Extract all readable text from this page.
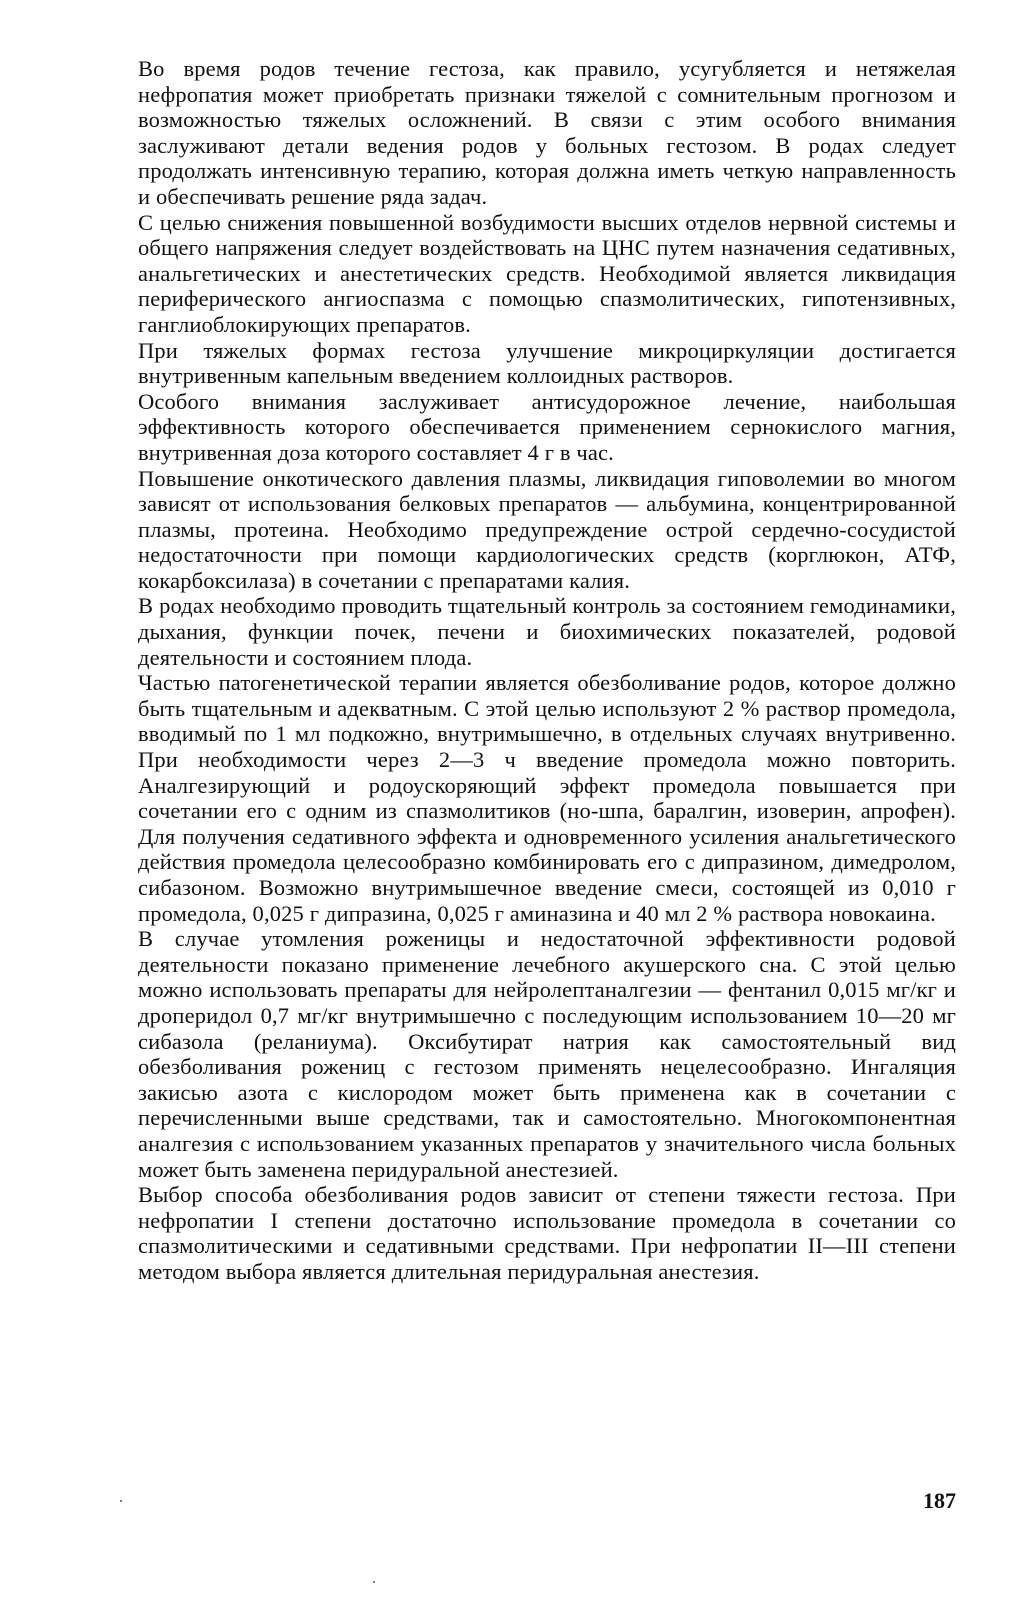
Во время родов течение гестоза, как правило, усугубляется и нетяжелая нефропатия может приобретать признаки тяжелой с сомнительным прогнозом и возможностью тяжелых осложнений. В связи с этим особого внимания заслуживают детали ведения родов у больных гестозом. В родах следует продолжать интенсивную терапию, которая должна иметь четкую направленность и обеспечивать решение ряда задач.

С целью снижения повышенной возбудимости высших отделов нервной системы и общего напряжения следует воздействовать на ЦНС путем назначения седативных, анальгетических и анестетических средств. Необходимой является ликвидация периферического ангиоспазма с помощью спазмолитических, гипотензивных, ганглиоблокирующих препаратов.

При тяжелых формах гестоза улучшение микроциркуляции достигается внутривенным капельным введением коллоидных растворов.

Особого внимания заслуживает антисудорожное лечение, наибольшая эффективность которого обеспечивается применением сернокислого магния, внутривенная доза которого составляет 4 г в час.

Повышение онкотического давления плазмы, ликвидация гиповолемии во многом зависят от использования белковых препаратов — альбумина, концентрированной плазмы, протеина. Необходимо предупреждение острой сердечно-сосудистой недостаточности при помощи кардиологических средств (корглюкон, АТФ, кокарбоксилаза) в сочетании с препаратами калия.

В родах необходимо проводить тщательный контроль за состоянием гемодинамики, дыхания, функции почек, печени и биохимических показателей, родовой деятельности и состоянием плода.

Частью патогенетической терапии является обезболивание родов, которое должно быть тщательным и адекватным. С этой целью используют 2 % раствор промедола, вводимый по 1 мл подкожно, внутримышечно, в отдельных случаях внутривенно. При необходимости через 2—3 ч введение промедола можно повторить. Аналгезирующий и родоускоряющий эффект промедола повышается при сочетании его с одним из спазмолитиков (но-шпа, баралгин, изоверин, апрофен). Для получения седативного эффекта и одновременного усиления анальгетического действия промедола целесообразно комбинировать его с дипразином, димедролом, сибазоном. Возможно внутримышечное введение смеси, состоящей из 0,010 г промедола, 0,025 г дипразина, 0,025 г аминазина и 40 мл 2 % раствора новокаина.

В случае утомления роженицы и недостаточной эффективности родовой деятельности показано применение лечебного акушерского сна. С этой целью можно использовать препараты для нейролептаналгезии — фентанил 0,015 мг/кг и дроперидол 0,7 мг/кг внутримышечно с последующим использованием 10—20 мг сибазола (реланиума). Оксибутират натрия как самостоятельный вид обезболивания рожениц с гестозом применять нецелесообразно. Ингаляция закисью азота с кислородом может быть применена как в сочетании с перечисленными выше средствами, так и самостоятельно. Многокомпонентная аналгезия с использованием указанных препаратов у значительного числа больных может быть заменена перидуральной анестезией.

Выбор способа обезболивания родов зависит от степени тяжести гестоза. При нефропатии I степени достаточно использование промедола в сочетании со спазмолитическими и седативными средствами. При нефропатии II—III степени методом выбора является длительная перидуральная анестезия.

187
